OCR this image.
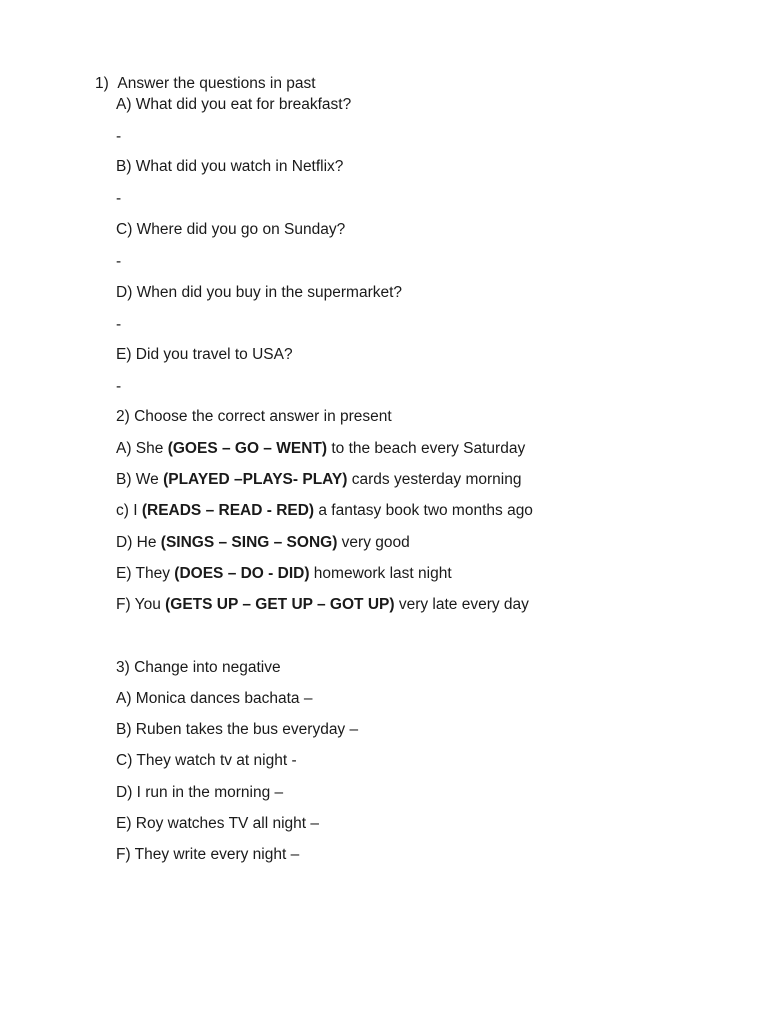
1) Answer the questions in past
A) What did you eat for breakfast?
-
B) What did you watch in Netflix?
-
C) Where did you go on Sunday?
-
D) When did you buy in the supermarket?
-
E) Did you travel to USA?
-
2) Choose the correct answer in present
A) She (GOES – GO – WENT) to the beach every Saturday
B) We (PLAYED –PLAYS- PLAY) cards yesterday morning
c) I (READS – READ - RED) a fantasy book two months ago
D) He (SINGS – SING – SONG) very good
E) They (DOES – DO - DID) homework last night
F) You (GETS UP – GET UP – GOT UP) very late every day
3) Change into negative
A) Monica dances bachata –
B) Ruben takes the bus everyday –
C) They watch tv at night -
D) I run in the morning –
E) Roy watches TV all night –
F) They write every night –
